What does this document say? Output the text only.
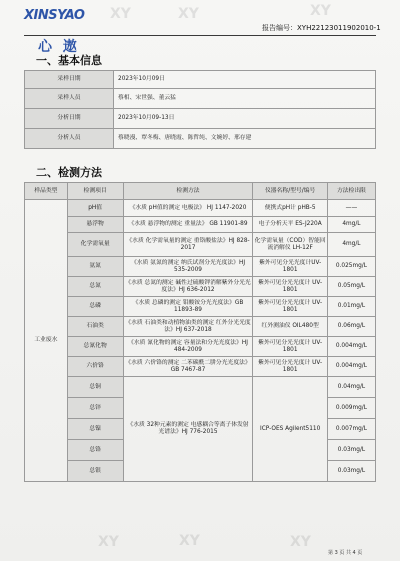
XINSYAO
心 遨
报告编号：XYH22123011902010-1
XY	XY	XY
XY	XY	XY
一、基本信息
采样日期	2023年10月09日
采样人员	蔡相、宋世强、董云猛
分析日期	2023年10月09-13日
分析人员	蔡晓漫、覃冬梅、唐晓霞、陈哲纯、文婉婷、邢存建
二、检测方法
样品类型	检测项目	检测方法	仪器名称/型号/编号	方法检出限
工业废水	pH值	《水质 pH值的测定 电极法》 HJ 1147-2020	便携式pH计 pHB-5	——
	悬浮物	《水质 悬浮物的测定 重量法》 GB 11901-89	电子分析天平 ES-J220A	4mg/L
	化学需氧量	《水质 化学需氧量的测定 重铬酸盐法》HJ 828-2017	化学需氧量（COD）智能回流消解仪 LH-12F	4mg/L
	氨氮	《水质 氨氮的测定 纳氏试剂分光光度法》HJ 535-2009	紫外可见分光光度计UV-1801	0.025mg/L
	总氮	《水质 总氮的测定 碱性过硫酸钾消解紫外分光光度法》HJ 636-2012	紫外可见分光光度计 UV-1801	0.05mg/L
	总磷	《水质 总磷的测定 钼酸铵分光光度法》GB 11893-89	紫外可见分光光度计 UV-1801	0.01mg/L
	石油类	《水质 石油类和动植物油类的测定 红外分光光度法》HJ 637-2018	红外测油仪 OIL480型	0.06mg/L
	总氰化物	《水质 氰化物的测定 容量法和分光光度法》HJ 484-2009	紫外可见分光光度计 UV-1801	0.004mg/L
	六价铬	《水质 六价铬的测定 二苯碳酰二肼分光光度法》GB 7467-87	紫外可见分光光度计 UV-1801	0.004mg/L
	总铜	《水质 32种元素的测定 电感耦合等离子体发射光谱法》HJ 776-2015	ICP-OES Agilent5110	0.04mg/L
	总锌			0.009mg/L
	总镍			0.007mg/L
	总铬			0.03mg/L
	总银			0.03mg/L
第 3 页 共 4 页
